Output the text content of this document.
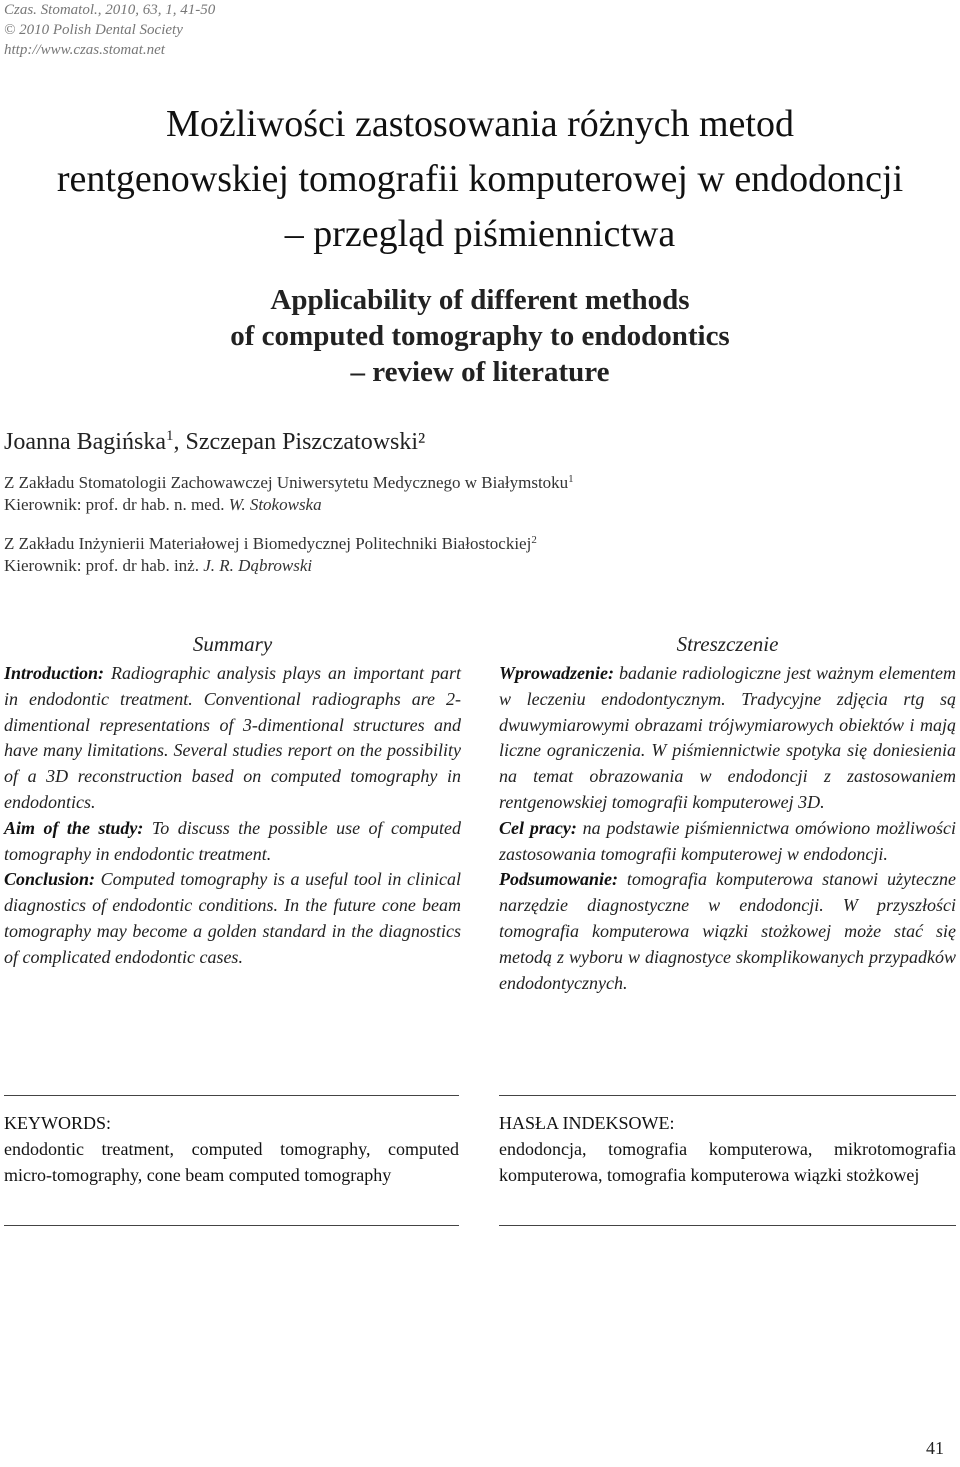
Czas. Stomatol., 2010, 63, 1, 41-50
© 2010 Polish Dental Society
http://www.czas.stomat.net
Możliwości zastosowania różnych metod
rentgenowskiej tomografii komputerowej w endodoncji
– przegląd piśmiennictwa
Applicability of different methods
of computed tomography to endodontics
– review of literature
Joanna Bagińska$^1$, Szczepan Piszczatowski²
Z Zakładu Stomatologii Zachowawczej Uniwersytetu Medycznego w Białymstoku$^1$
Kierownik: prof. dr hab. n. med. W. Stokowska
Z Zakładu Inżynierii Materiałowej i Biomedycznej Politechniki Białostockiej$^2$
Kierownik: prof. dr hab. inż. J. R. Dąbrowski
Summary

Introduction: Radiographic analysis plays an important part in endodontic treatment. Conventional radiographs are 2-dimentional representations of 3-dimentional structures and have many limitations. Several studies report on the possibility of a 3D reconstruction based on computed tomography in endodontics.

Aim of the study: To discuss the possible use of computed tomography in endodontic treatment.

Conclusion: Computed tomography is a useful tool in clinical diagnostics of endodontic conditions. In the future cone beam tomography may become a golden standard in the diagnostics of complicated endodontic cases.

Streszczenie

Wprowadzenie: badanie radiologiczne jest ważnym elementem w leczeniu endodontycznym. Tradycyjne zdjęcia rtg są dwuwymiarowymi obrazami trójwymiarowych obiektów i mają liczne ograniczenia. W piśmiennictwie spotyka się doniesienia na temat obrazowania w endodoncji z zastosowaniem rentgenowskiej tomografii komputerowej 3D.

Cel pracy: na podstawie piśmiennictwa omówiono możliwości zastosowania tomografii komputerowej w endodoncji.

Podsumowanie: tomografia komputerowa stanowi użyteczne narzędzie diagnostyczne w endodoncji. W przyszłości tomografia komputerowa wiązki stożkowej może stać się metodą z wyboru w diagnostyce skomplikowanych przypadków endodontycznych.

KEYWORDS:
endodontic treatment, computed tomography, computed micro-tomography, cone beam computed tomography
HASŁA INDEKSOWE:
endodoncja, tomografia komputerowa, mikrotomografia komputerowa, tomografia komputerowa wiązki stożkowej
41
